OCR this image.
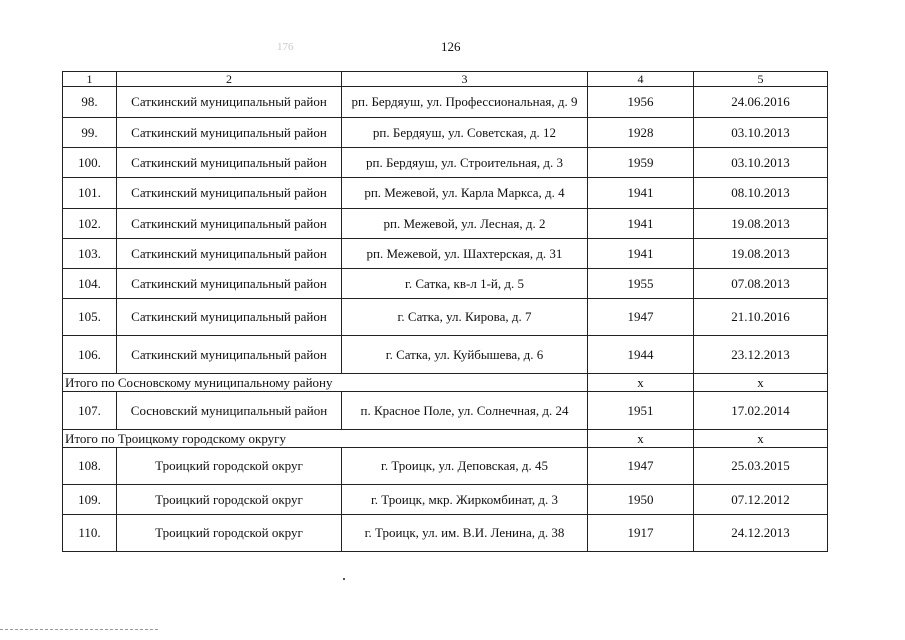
176	126
1	2	3	4	5
98.	Саткинский муниципальный район	рп. Бердяуш, ул. Профессиональная, д. 9	1956	24.06.2016
99.	Саткинский муниципальный район	рп. Бердяуш, ул. Советская, д. 12	1928	03.10.2013
100.	Саткинский муниципальный район	рп. Бердяуш, ул. Строительная, д. 3	1959	03.10.2013
101.	Саткинский муниципальный район	рп. Межевой, ул. Карла Маркса, д. 4	1941	08.10.2013
102.	Саткинский муниципальный район	рп. Межевой, ул. Лесная, д. 2	1941	19.08.2013
103.	Саткинский муниципальный район	рп. Межевой, ул. Шахтерская, д. 31	1941	19.08.2013
104.	Саткинский муниципальный район	г. Сатка, кв-л 1-й, д. 5	1955	07.08.2013
105.	Саткинский муниципальный район	г. Сатка, ул. Кирова, д. 7	1947	21.10.2016
106.	Саткинский муниципальный район	г. Сатка, ул. Куйбышева, д. 6	1944	23.12.2013
Итого по Сосновскому муниципальному району			х	х
107.	Сосновский муниципальный район	п. Красное Поле, ул. Солнечная, д. 24	1951	17.02.2014
Итого по Троицкому городскому округу			х	х
108.	Троицкий городской округ	г. Троицк, ул. Деповская, д. 45	1947	25.03.2015
109.	Троицкий городской округ	г. Троицк, мкр. Жиркомбинат, д. 3	1950	07.12.2012
110.	Троицкий городской округ	г. Троицк, ул. им. В.И. Ленина, д. 38	1917	24.12.2013
